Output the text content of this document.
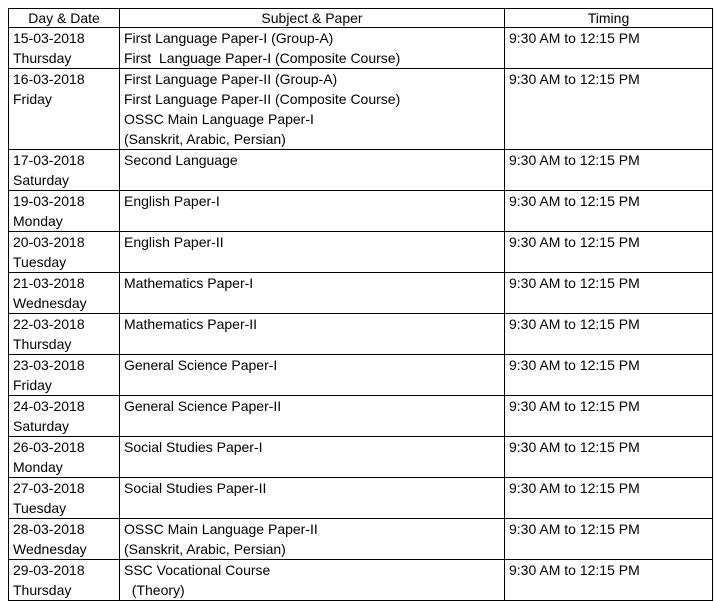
Day & Date	Subject & Paper	Timing

15-03-2018
Thursday	First Language Paper-I (Group-A)
First  Language Paper-I (Composite Course)	9:30 AM to 12:15 PM

16-03-2018
Friday	First Language Paper-II (Group-A)
First Language Paper-II (Composite Course)
OSSC Main Language Paper-I
(Sanskrit, Arabic, Persian)	9:30 AM to 12:15 PM

17-03-2018
Saturday	Second Language	9:30 AM to 12:15 PM

19-03-2018
Monday	English Paper-I	9:30 AM to 12:15 PM

20-03-2018
Tuesday	English Paper-II	9:30 AM to 12:15 PM

21-03-2018
Wednesday	Mathematics Paper-I	9:30 AM to 12:15 PM

22-03-2018
Thursday	Mathematics Paper-II	9:30 AM to 12:15 PM

23-03-2018
Friday	General Science Paper-I	9:30 AM to 12:15 PM

24-03-2018
Saturday	General Science Paper-II	9:30 AM to 12:15 PM

26-03-2018
Monday	Social Studies Paper-I	9:30 AM to 12:15 PM

27-03-2018
Tuesday	Social Studies Paper-II	9:30 AM to 12:15 PM

28-03-2018
Wednesday	OSSC Main Language Paper-II
(Sanskrit, Arabic, Persian)	9:30 AM to 12:15 PM

29-03-2018
Thursday	SSC Vocational Course
(Theory)	9:30 AM to 12:15 PM
